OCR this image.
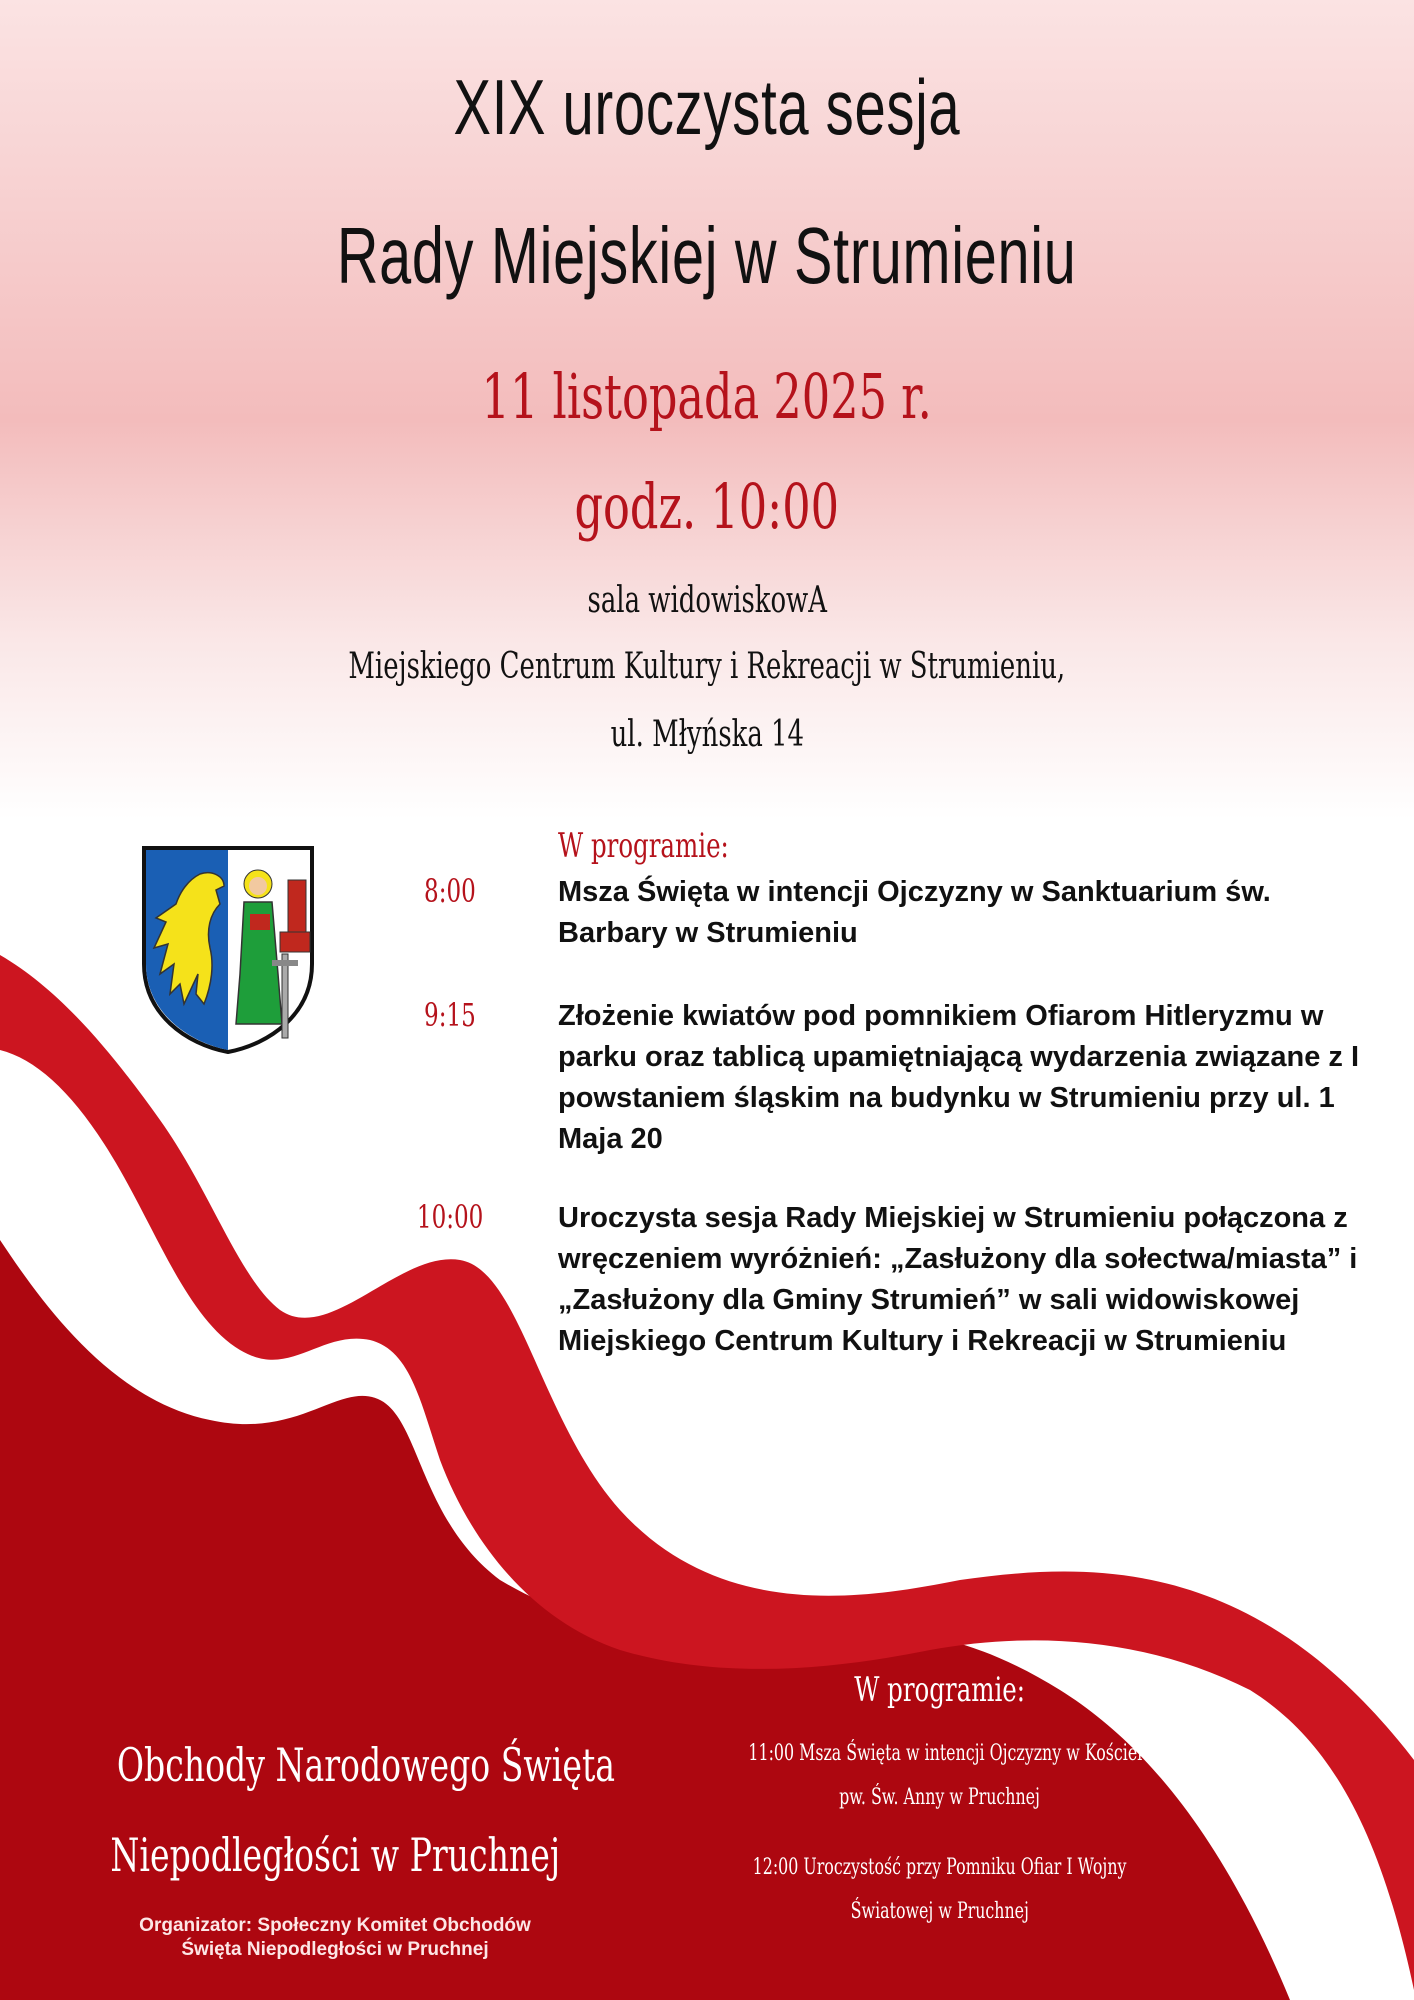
XIX uroczysta sesja
Rady Miejskiej w Strumieniu
11 listopada 2025 r.
godz. 10:00
sala widowiskowA
Miejskiego Centrum Kultury i Rekreacji w Strumieniu,
ul. Młyńska 14
W programie:
8:00	Msza Święta w intencji Ojczyzny w Sanktuarium św. Barbary w Strumieniu
9:15	Złożenie kwiatów pod pomnikiem Ofiarom Hitleryzmu w parku oraz tablicą upamiętniającą wydarzenia związane z I powstaniem śląskim na budynku w Strumieniu przy ul. 1 Maja 20
10:00	Uroczysta sesja Rady Miejskiej w Strumieniu połączona z wręczeniem wyróżnień: „Zasłużony dla sołectwa/miasta” i „Zasłużony dla Gminy Strumień” w sali widowiskowej Miejskiego Centrum Kultury i Rekreacji w Strumieniu
Obchody Narodowego Święta
Niepodległości w Pruchnej
Organizator: Społeczny Komitet Obchodów
Święta Niepodległości w Pruchnej
W programie:
11:00 Msza Święta w intencji Ojczyzny w Kościele
pw. Św. Anny w Pruchnej
12:00 Uroczystość przy Pomniku Ofiar I Wojny
Światowej w Pruchnej
